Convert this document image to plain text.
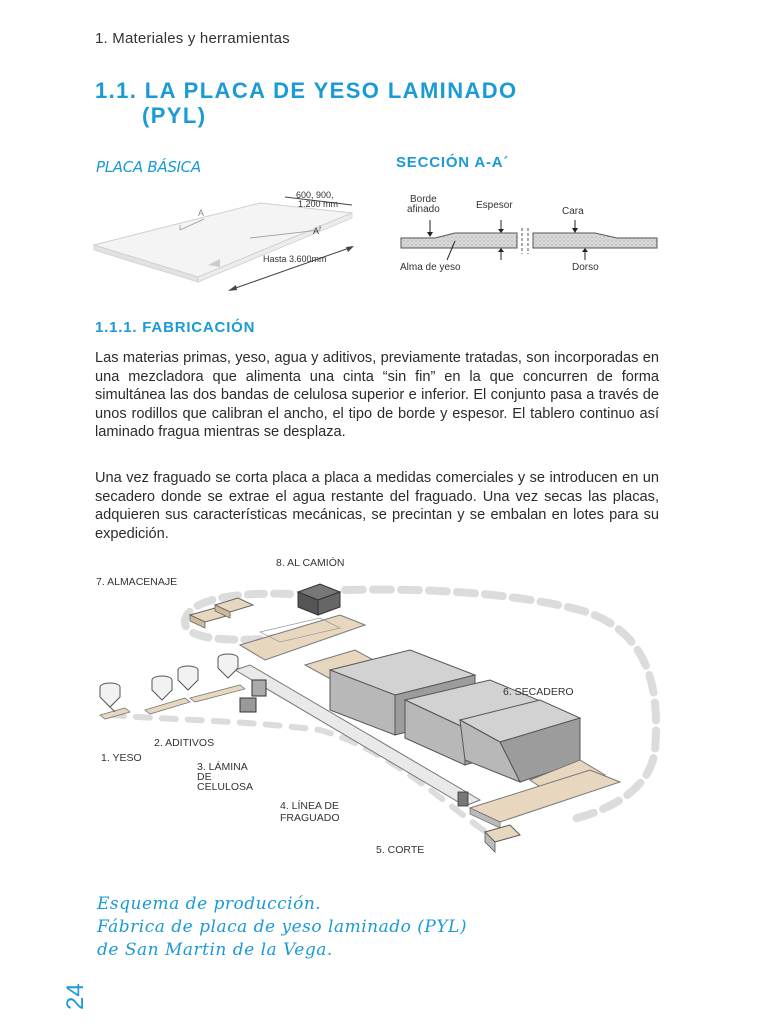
1. Materiales y herramientas
1.1. LA PLACA DE YESO LAMINADO
(PYL)
PLACA BÁSICA	SECCIÓN A-A´
600, 900,
1.200 mm
Hasta 3.600mm
A
A´
Borde
afinado	Espesor
Cara
Alma de yeso	Dorso
1.1.1. FABRICACIÓN
Las materias primas, yeso, agua y aditivos, previamente tratadas, son incorporadas en una mezcladora que alimenta una cinta “sin fin” en la que concurren de forma simultánea las dos bandas de celulosa superior e inferior. El conjunto pasa a través de unos rodillos que calibran el ancho, el tipo de borde y espesor. El tablero continuo así laminado fragua mientras se desplaza.
Una vez fraguado se corta placa a placa a medidas comerciales y se introducen en un secadero donde se extrae el agua restante del fraguado. Una vez secas las placas, adquieren sus características mecánicas, se precintan y se embalan en lotes para su expedición.
8. AL CAMIÓN
7. ALMACENAJE
6. SECADERO
2. ADITIVOS
1. YESO
3. LÁMINA
DE
CELULOSA
4. LÍNEA DE
FRAGUADO
5. CORTE
Esquema de producción.
Fábrica de placa de yeso laminado (PYL)
de San Martin de la Vega.
24
